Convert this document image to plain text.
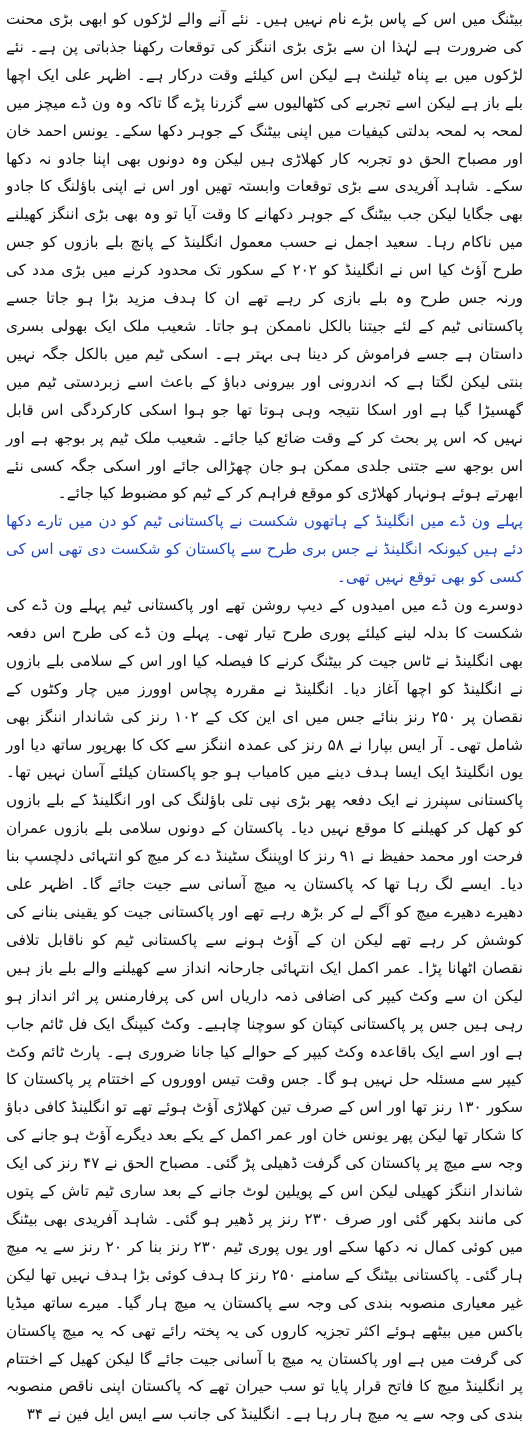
بیٹنگ میں اس کے پاس بڑے نام نہیں ہیں۔ نئے آنے والے لڑکوں کو ابھی بڑی محنت کی ضرورت ہے لہٰذا ان سے بڑی بڑی اننگز کی توقعات رکھنا جذباتی پن ہے۔ نئے لڑکوں میں بے پناہ ٹیلنٹ ہے لیکن اس کیلئے وقت درکار ہے۔ اظہر علی ایک اچھا بلے باز ہے لیکن اسے تجربے کی کٹھالیوں سے گزرنا پڑے گا تاکہ وہ ون ڈے میچز میں لمحہ بہ لمحہ بدلتی کیفیات میں اپنی بیٹنگ کے جوہر دکھا سکے۔ یونس احمد خان اور مصباح الحق دو تجربہ کار کھلاڑی ہیں لیکن وہ دونوں بھی اپنا جادو نہ دکھا سکے۔ شاہد آفریدی سے بڑی توقعات وابستہ تھیں اور اس نے اپنی باؤلنگ کا جادو بھی جگایا لیکن جب بیٹنگ کے جوہر دکھانے کا وقت آیا تو وہ بھی بڑی اننگز کھیلنے میں ناکام رہا۔ سعید اجمل نے حسب معمول انگلینڈ کے پانچ بلے بازوں کو جس طرح آؤٹ کیا اس نے انگلینڈ کو ۲۰۲ کے سکور تک محدود کرنے میں بڑی مدد کی ورنہ جس طرح وہ بلے بازی کر رہے تھے ان کا ہدف مزید بڑا ہو جاتا جسے پاکستانی ٹیم کے لئے جیتنا بالکل ناممکن ہو جاتا۔ شعیب ملک ایک بھولی بسری داستان ہے جسے فراموش کر دینا ہی بہتر ہے۔ اسکی ٹیم میں بالکل جگہ نہیں بنتی لیکن لگتا ہے کہ اندرونی اور بیرونی دباؤ کے باعث اسے زبردستی ٹیم میں گھسیڑا گیا ہے اور اسکا نتیجہ وہی ہوتا تھا جو ہوا اسکی کارکردگی اس قابل نہیں کہ اس پر بحث کر کے وقت ضائع کیا جائے۔ شعیب ملک ٹیم پر بوجھ ہے اور اس بوجھ سے جتنی جلدی ممکن ہو جان چھڑالی جائے اور اسکی جگہ کسی نئے ابھرتے ہوئے ہونہار کھلاڑی کو موقع فراہم کر کے ٹیم کو مضبوط کیا جائے۔

پہلے ون ڈے میں انگلینڈ کے ہاتھوں شکست نے پاکستانی ٹیم کو دن میں تارے دکھا دئے ہیں کیونکہ انگلینڈ نے جس بری طرح سے پاکستان کو شکست دی تھی اس کی کسی کو بھی توقع نہیں تھی۔

دوسرے ون ڈے میں امیدوں کے دیپ روشن تھے اور پاکستانی ٹیم پہلے ون ڈے کی شکست کا بدلہ لینے کیلئے پوری طرح تیار تھی۔ پہلے ون ڈے کی طرح اس دفعہ بھی انگلینڈ نے ٹاس جیت کر بیٹنگ کرنے کا فیصلہ کیا اور اس کے سلامی بلے بازوں نے انگلینڈ کو اچھا آغاز دیا۔ انگلینڈ نے مقررہ پچاس اوورز میں چار وکٹوں کے نقصان پر ۲۵۰ رنز بنائے جس میں ای این کک کے ۱۰۲ رنز کی شاندار اننگز بھی شامل تھی۔ آر ایس بپارا نے ۵۸ رنز کی عمدہ اننگز سے کک کا بھرپور ساتھ دیا اور یوں انگلینڈ ایک ایسا ہدف دینے میں کامیاب ہو جو پاکستان کیلئے آسان نہیں تھا۔ پاکستانی سپنرز نے ایک دفعہ پھر بڑی نپی تلی باؤلنگ کی اور انگلینڈ کے بلے بازوں کو کھل کر کھیلنے کا موقع نہیں دیا۔ پاکستان کے دونوں سلامی بلے بازوں عمران فرحت اور محمد حفیظ نے ۹۱ رنز کا اوپننگ سٹینڈ دے کر میچ کو انتہائی دلچسپ بنا دیا۔ ایسے لگ رہا تھا کہ پاکستان یہ میچ آسانی سے جیت جائے گا۔ اظہر علی دھیرے دھیرے میچ کو آگے لے کر بڑھ رہے تھے اور پاکستانی جیت کو یقینی بنانے کی کوشش کر رہے تھے لیکن ان کے آؤٹ ہونے سے پاکستانی ٹیم کو ناقابل تلافی نقصان اٹھانا پڑا۔ عمر اکمل ایک انتہائی جارحانہ انداز سے کھیلنے والے بلے باز ہیں لیکن ان سے وکٹ کیپر کی اضافی ذمہ داریاں اس کی پرفارمنس پر اثر انداز ہو رہی ہیں جس پر پاکستانی کپتان کو سوچنا چاہیے۔ وکٹ کیپنگ ایک فل ٹائم جاب ہے اور اسے ایک باقاعدہ وکٹ کیپر کے حوالے کیا جانا ضروری ہے۔ پارٹ ٹائم وکٹ کیپر سے مسئلہ حل نہیں ہو گا۔ جس وقت تیس اووروں کے اختتام پر پاکستان کا سکور ۱۳۰ رنز تھا اور اس کے صرف تین کھلاڑی آؤٹ ہوئے تھے تو انگلینڈ کافی دباؤ کا شکار تھا لیکن پھر یونس خان اور عمر اکمل کے یکے بعد دیگرے آؤٹ ہو جانے کی وجہ سے میچ پر پاکستان کی گرفت ڈھیلی پڑ گئی۔ مصباح الحق نے ۴۷ رنز کی ایک شاندار اننگز کھیلی لیکن اس کے پویلین لوٹ جانے کے بعد ساری ٹیم تاش کے پتوں کی مانند بکھر گئی اور صرف ۲۳۰ رنز پر ڈھیر ہو گئی۔ شاہد آفریدی بھی بیٹنگ میں کوئی کمال نہ دکھا سکے اور یوں پوری ٹیم ۲۳۰ رنز بنا کر ۲۰ رنز سے یہ میچ ہار گئی۔ پاکستانی بیٹنگ کے سامنے ۲۵۰ رنز کا ہدف کوئی بڑا ہدف نہیں تھا لیکن غیر معیاری منصوبہ بندی کی وجہ سے پاکستان یہ میچ ہار گیا۔ میرے ساتھ میڈیا باکس میں بیٹھے ہوئے اکثر تجزیہ کاروں کی یہ پختہ رائے تھی کہ یہ میچ پاکستان کی گرفت میں ہے اور پاکستان یہ میچ با آسانی جیت جائے گا لیکن کھیل کے اختتام پر انگلینڈ میچ کا فاتح قرار پایا تو سب حیران تھے کہ پاکستان اپنی ناقص منصوبہ بندی کی وجہ سے یہ میچ ہار رہا ہے۔ انگلینڈ کی جانب سے ایس ایل فین نے ۳۴
